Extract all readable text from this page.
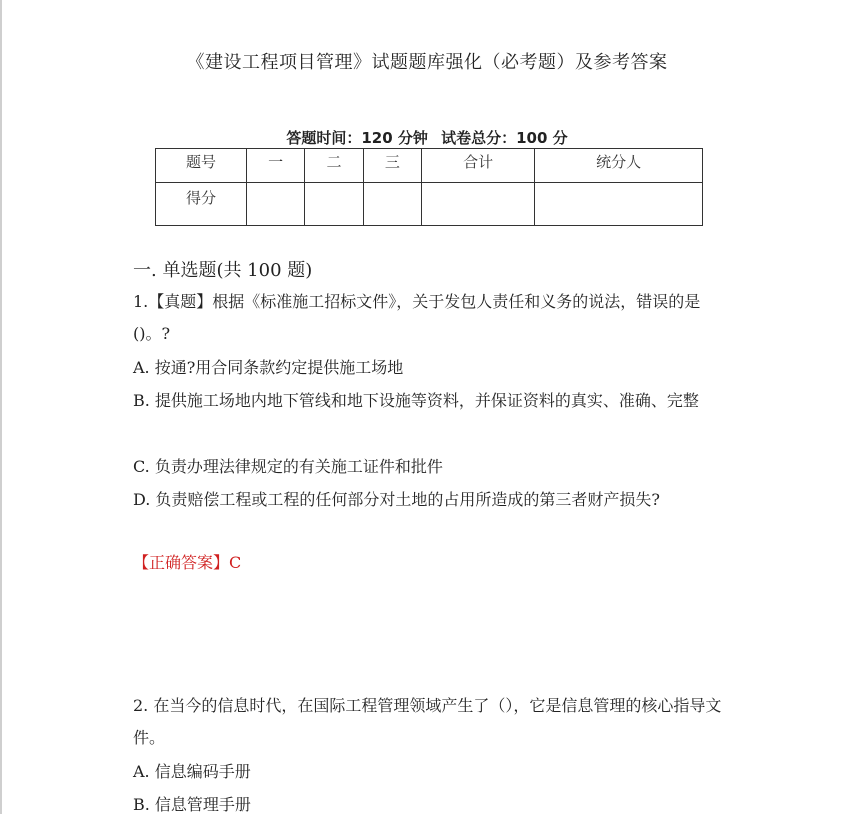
《建设工程项目管理》试题题库强化（必考题）及参考答案
答题时间：120 分钟 试卷总分：100 分
题号	一	二	三	合计	统分人
得分					
一. 单选题(共 100 题)
1.【真题】根据《标准施工招标文件》，关于发包人责任和义务的说法，错误的是()。?
A. 按通?用合同条款约定提供施工场地
B. 提供施工场地内地下管线和地下设施等资料，并保证资料的真实、准确、完整
C. 负责办理法律规定的有关施工证件和批件
D. 负责赔偿工程或工程的任何部分对土地的占用所造成的第三者财产损失?
【正确答案】C
2. 在当今的信息时代，在国际工程管理领域产生了（），它是信息管理的核心指导文件。
A. 信息编码手册
B. 信息管理手册
